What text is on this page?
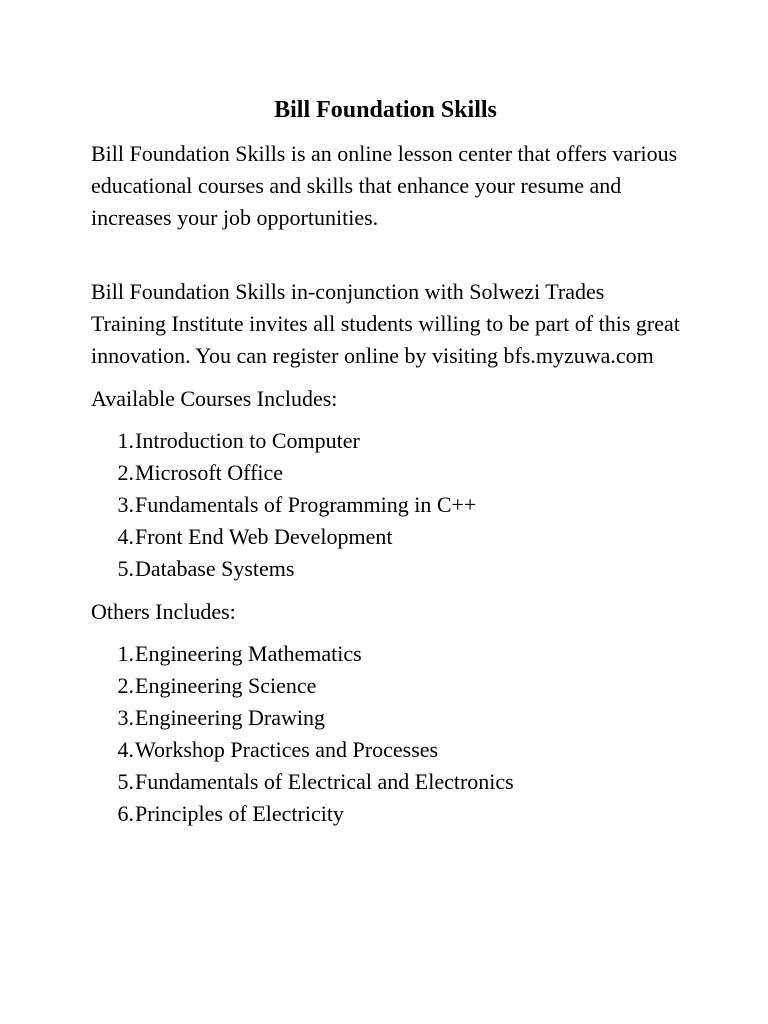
Bill Foundation Skills

Bill Foundation Skills is an online lesson center that offers various educational courses and skills that enhance your resume and increases your job opportunities.

Bill Foundation Skills in-conjunction with Solwezi Trades Training Institute invites all students willing to be part of this great innovation. You can register online by visiting bfs.myzuwa.com

Available Courses Includes:

1. Introduction to Computer
2. Microsoft Office
3. Fundamentals of Programming in C++
4. Front End Web Development
5. Database Systems

Others Includes:

1. Engineering Mathematics
2. Engineering Science
3. Engineering Drawing
4. Workshop Practices and Processes
5. Fundamentals of Electrical and Electronics
6. Principles of Electricity
